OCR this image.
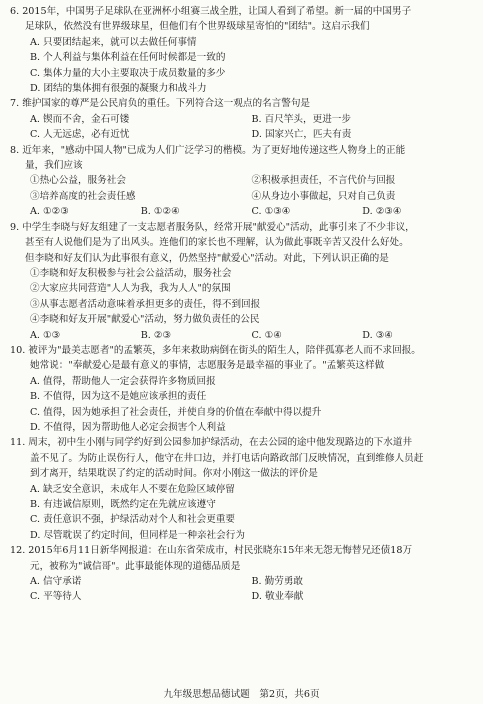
6. 2015年，中国男子足球队在亚洲杯小组赛三战全胜，让国人看到了希望。新一届的中国男子
足球队，依然没有世界级球星，但他们有个世界级球星寄怕的"团结"。这启示我们
A. 只要团结起来，就可以去做任何事情
B. 个人利益与集体利益在任何时候都是一致的
C. 集体力量的大小主要取决于成员数量的多少
D. 团结的集体拥有很强的凝聚力和战斗力
7. 维护国家的尊严是公民肩负的重任。下列符合这一观点的名言警句是
A. 锲而不舍，金石可镂	B. 百尺竿头，更进一步
C. 人无远虑，必有近忧	D. 国家兴亡，匹夫有责
8. 近年来，"感动中国人物"已成为人们广泛学习的楷模。为了更好地传递这些人物身上的正能
量，我们应该
①热心公益，服务社会	②积极承担责任，不言代价与回报
③培养高度的社会责任感	④从身边小事做起，只对自己负责
A. ①②③	B. ①②④	C. ①③④	D. ②③④
9. 中学生李晓与好友组建了一支志愿者服务队，经常开展"献爱心"活动，此事引来了不少非议，
甚至有人说他们是为了出风头。连他们的家长也不理解，认为做此事既辛苦又没什么好处。
但李晓和好友们认为此事很有意义，仍然坚持"献爱心"活动。对此，下列认识正确的是
①李晓和好友积极参与社会公益活动，服务社会
②大家应共同营造"人人为我，我为人人"的氛围
③从事志愿者活动意味着承担更多的责任，得不到回报
④李晓和好友开展"献爱心"活动，努力做负责任的公民
A. ①③	B. ②③	C. ①④	D. ③④
10. 被评为"最美志愿者"的孟繁英，多年来救助病倒在街头的陌生人，陪伴孤寡老人而不求回报。
她常说："奉献爱心是最有意义的事情，志愿服务是最幸福的事业了。"孟繁英这样做
A. 值得，帮助他人一定会获得许多物质回报
B. 不值得，因为这不是她应该承担的责任
C. 值得，因为她承担了社会责任，并使自身的价值在奉献中得以提升
D. 不值得，因为帮助他人必定会损害个人利益
11. 周末，初中生小刚与同学约好到公园参加护绿活动，在去公园的途中他发现路边的下水道井
盖不见了。为防止误伤行人，他守在井口边，并打电话向路政部门反映情况，直到维修人员赶
到才离开，结果耽误了约定的活动时间。你对小刚这一做法的评价是
A. 缺乏安全意识，未成年人不要在危险区域停留
B. 有违诚信原则，既然约定在先就应该遵守
C. 责任意识不强，护绿活动对个人和社会更重要
D. 尽管耽误了约定时间，但同样是一种亲社会行为
12. 2015年6月11日新华网报道：在山东省荣成市，村民张晓东15年来无怨无悔替兄还债18万
元，被称为"诚信哥"。此事最能体现的道德品质是
A. 信守承诺	B. 勤劳勇敢
C. 平等待人	D. 敬业奉献
九年级思想品德试题　第2页，共6页
